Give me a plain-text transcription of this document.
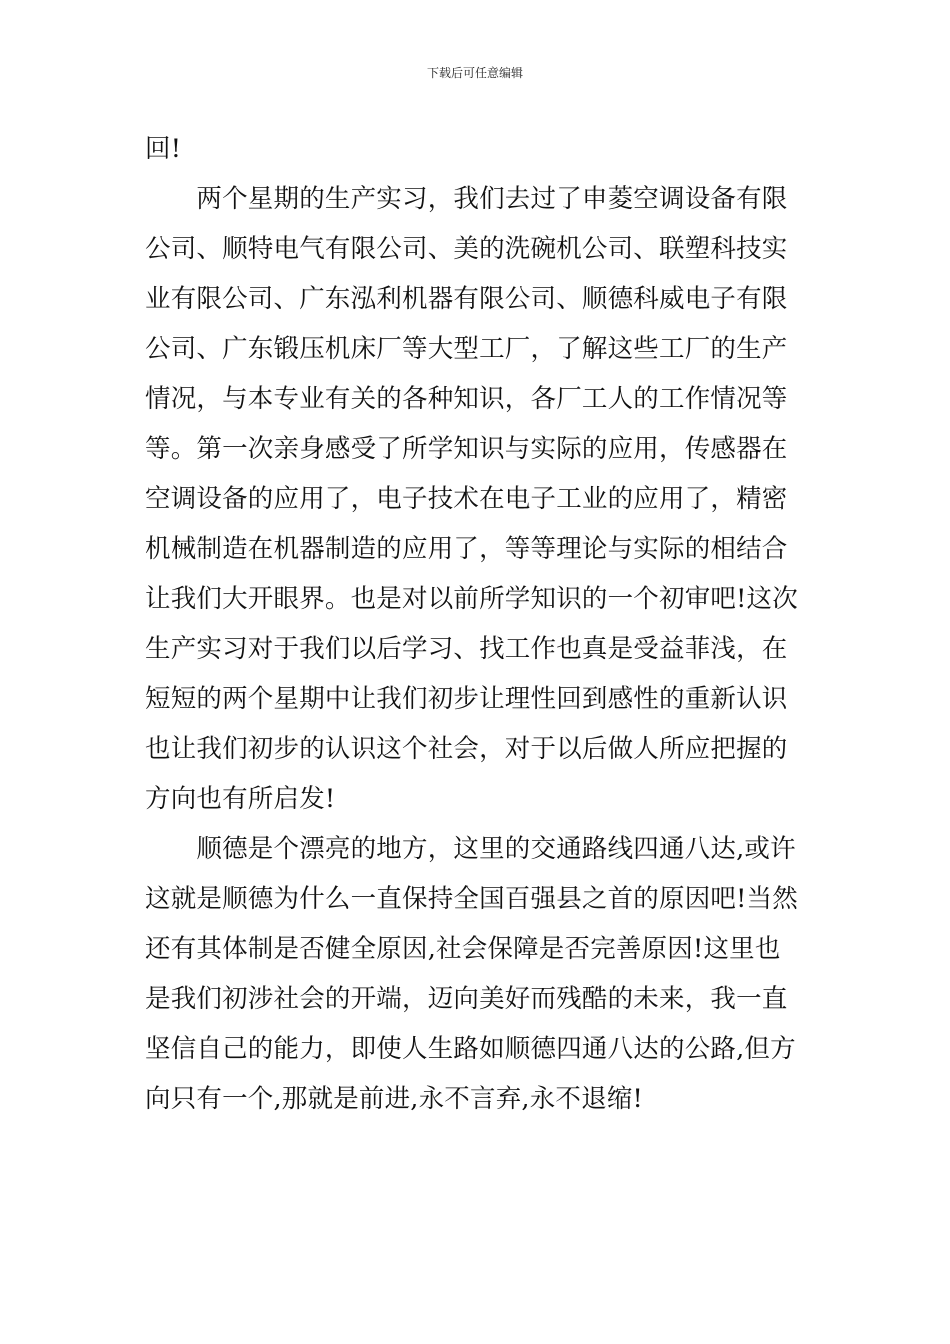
下载后可任意编辑

回!

　　两个星期的生产实习，我们去过了申菱空调设备有限

公司、顺特电气有限公司、美的洗碗机公司、联塑科技实

业有限公司、广东泓利机器有限公司、顺德科威电子有限

公司、广东锻压机床厂等大型工厂，了解这些工厂的生产

情况，与本专业有关的各种知识，各厂工人的工作情况等

等。第一次亲身感受了所学知识与实际的应用，传感器在

空调设备的应用了，电子技术在电子工业的应用了，精密

机械制造在机器制造的应用了，等等理论与实际的相结合

让我们大开眼界。也是对以前所学知识的一个初审吧!这次

生产实习对于我们以后学习、找工作也真是受益菲浅，在

短短的两个星期中让我们初步让理性回到感性的重新认识

也让我们初步的认识这个社会，对于以后做人所应把握的

方向也有所启发!

　　顺德是个漂亮的地方，这里的交通路线四通八达,或许

这就是顺德为什么一直保持全国百强县之首的原因吧!当然

还有其体制是否健全原因,社会保障是否完善原因!这里也

是我们初涉社会的开端，迈向美好而残酷的未来，我一直

坚信自己的能力，即使人生路如顺德四通八达的公路,但方

向只有一个,那就是前进,永不言弃,永不退缩!
